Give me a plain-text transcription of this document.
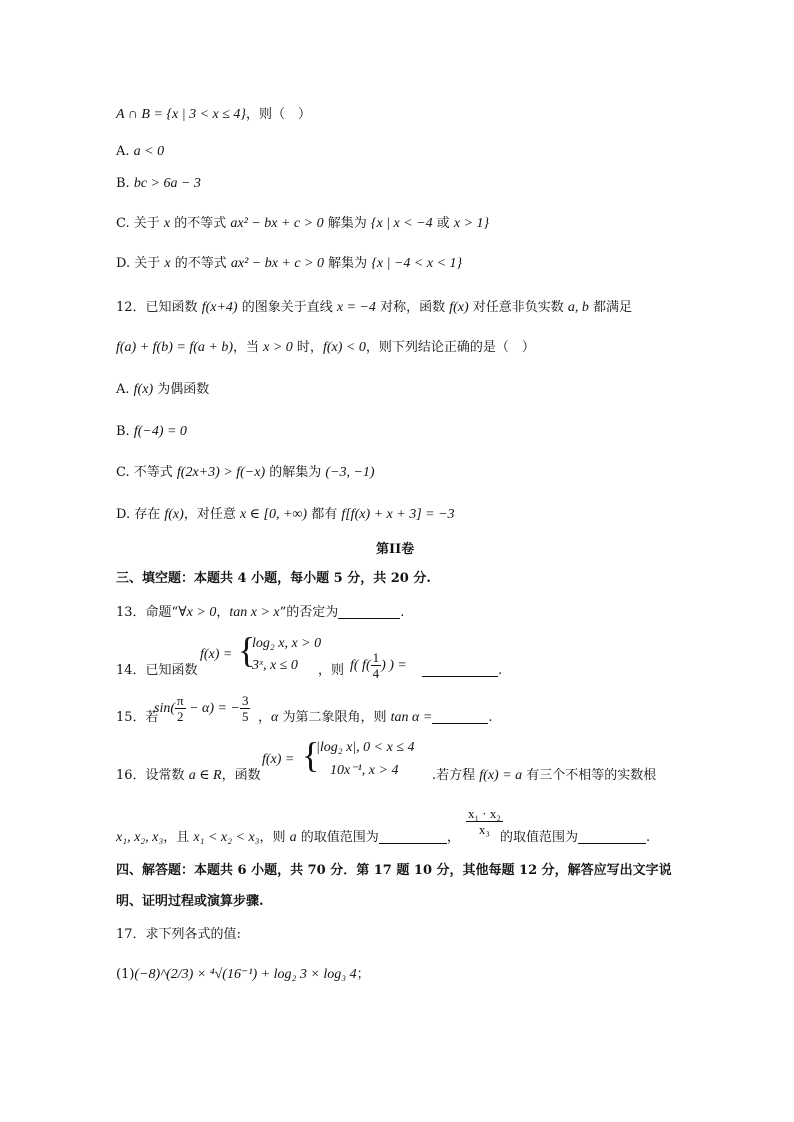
A ∩ B = {x | 3 < x ≤ 4}，则（　）
A. a < 0
B. bc > 6a − 3
C. 关于 x 的不等式 ax² − bx + c > 0 解集为 {x | x < −4 或 x > 1}
D. 关于 x 的不等式 ax² − bx + c > 0 解集为 {x | −4 < x < 1}
12．已知函数 f(x+4) 的图象关于直线 x = −4 对称，函数 f(x) 对任意非负实数 a, b 都满足
f(a) + f(b) = f(a + b)，当 x > 0 时，f(x) < 0，则下列结论正确的是（　）
A. f(x) 为偶函数
B. f(−4) = 0
C. 不等式 f(2x+3) > f(−x) 的解集为 (−3, −1)
D. 存在 f(x)，对任意 x ∈ [0, +∞) 都有 f[f(x) + x + 3] = −3
第II卷
三、填空题：本题共 4 小题，每小题 5 分，共 20 分.
13．命题“∀x > 0，tan x > x”的否定为	.
14．已知函数
f(x) = {
log₂ x, x > 0
3ˣ, x ≤ 0 ，则 f( $f( \frac{1}{4}$ ) ) =	.
15．若
$\sin( \frac{\pi}{2} - \alpha)$ = − $\frac{3}{5}$ ，α 为第二象限角，则 tan α =	.
16．设常数 a ∈ R，函数
f(x) = {
|log₂ x|, 0 < x ≤ 4
10x⁻¹, x > 4	.若方程 f(x) = a 有三个不相等的实数根
x₁, x₂, x₃，且 x₁ < x₂ < x₃，则 a 的取值范围为	，
$\frac{\text{x₁ · x₂}}{\text{x₃}}$
的取值范围为	.
四、解答题：本题共 6 小题，共 70 分．第 17 题 10 分，其他每题 12 分，解答应写出文字说
明、证明过程或演算步骤.
17．求下列各式的值:
(1)(−8)^(2/3) × ⁴√(16⁻¹) + log₂ 3 × log₃ 4；
